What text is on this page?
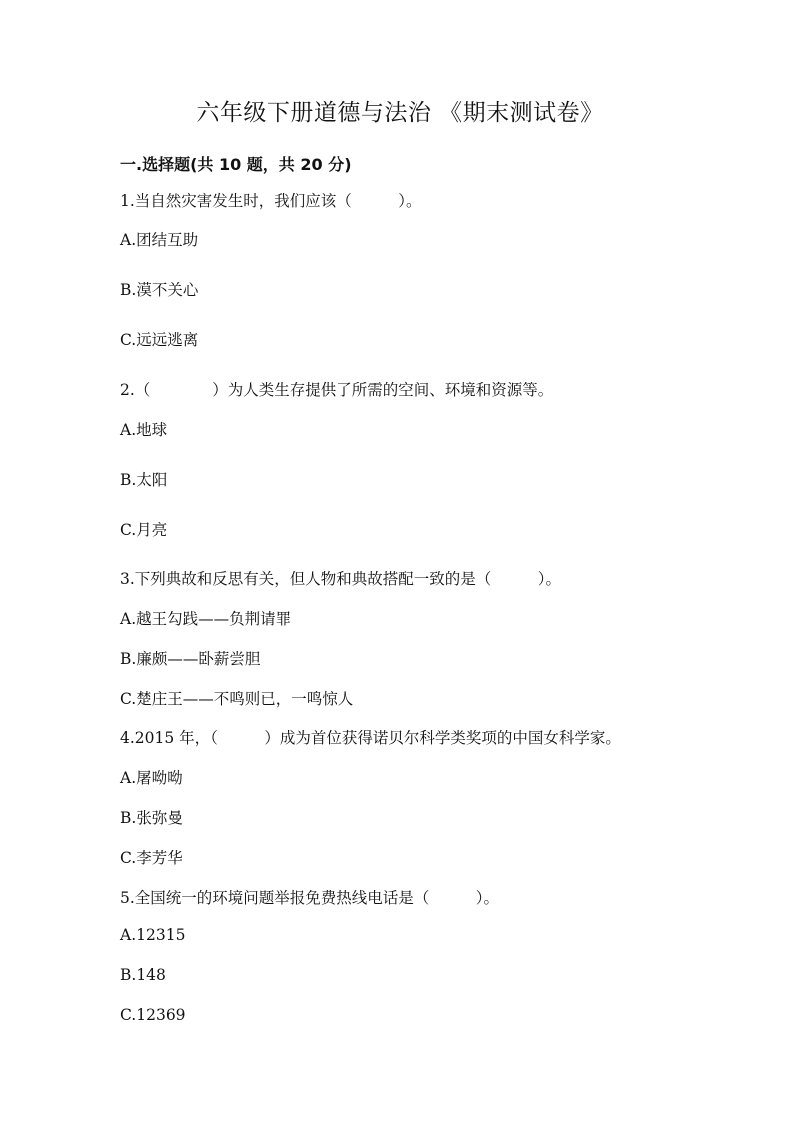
六年级下册道德与法治 《期末测试卷》
一.选择题(共 10 题，共 20 分)
1.当自然灾害发生时，我们应该（　　　）。
A.团结互助
B.漠不关心
C.远远逃离
2.（　　　　）为人类生存提供了所需的空间、环境和资源等。
A.地球
B.太阳
C.月亮
3.下列典故和反思有关，但人物和典故搭配一致的是（　　　）。
A.越王勾践——负荆请罪
B.廉颇——卧薪尝胆
C.楚庄王——不鸣则已，一鸣惊人
4.2015 年，（　　　）成为首位获得诺贝尔科学类奖项的中国女科学家。
A.屠呦呦
B.张弥曼
C.李芳华
5.全国统一的环境问题举报免费热线电话是（　　　）。
A.12315
B.148
C.12369
